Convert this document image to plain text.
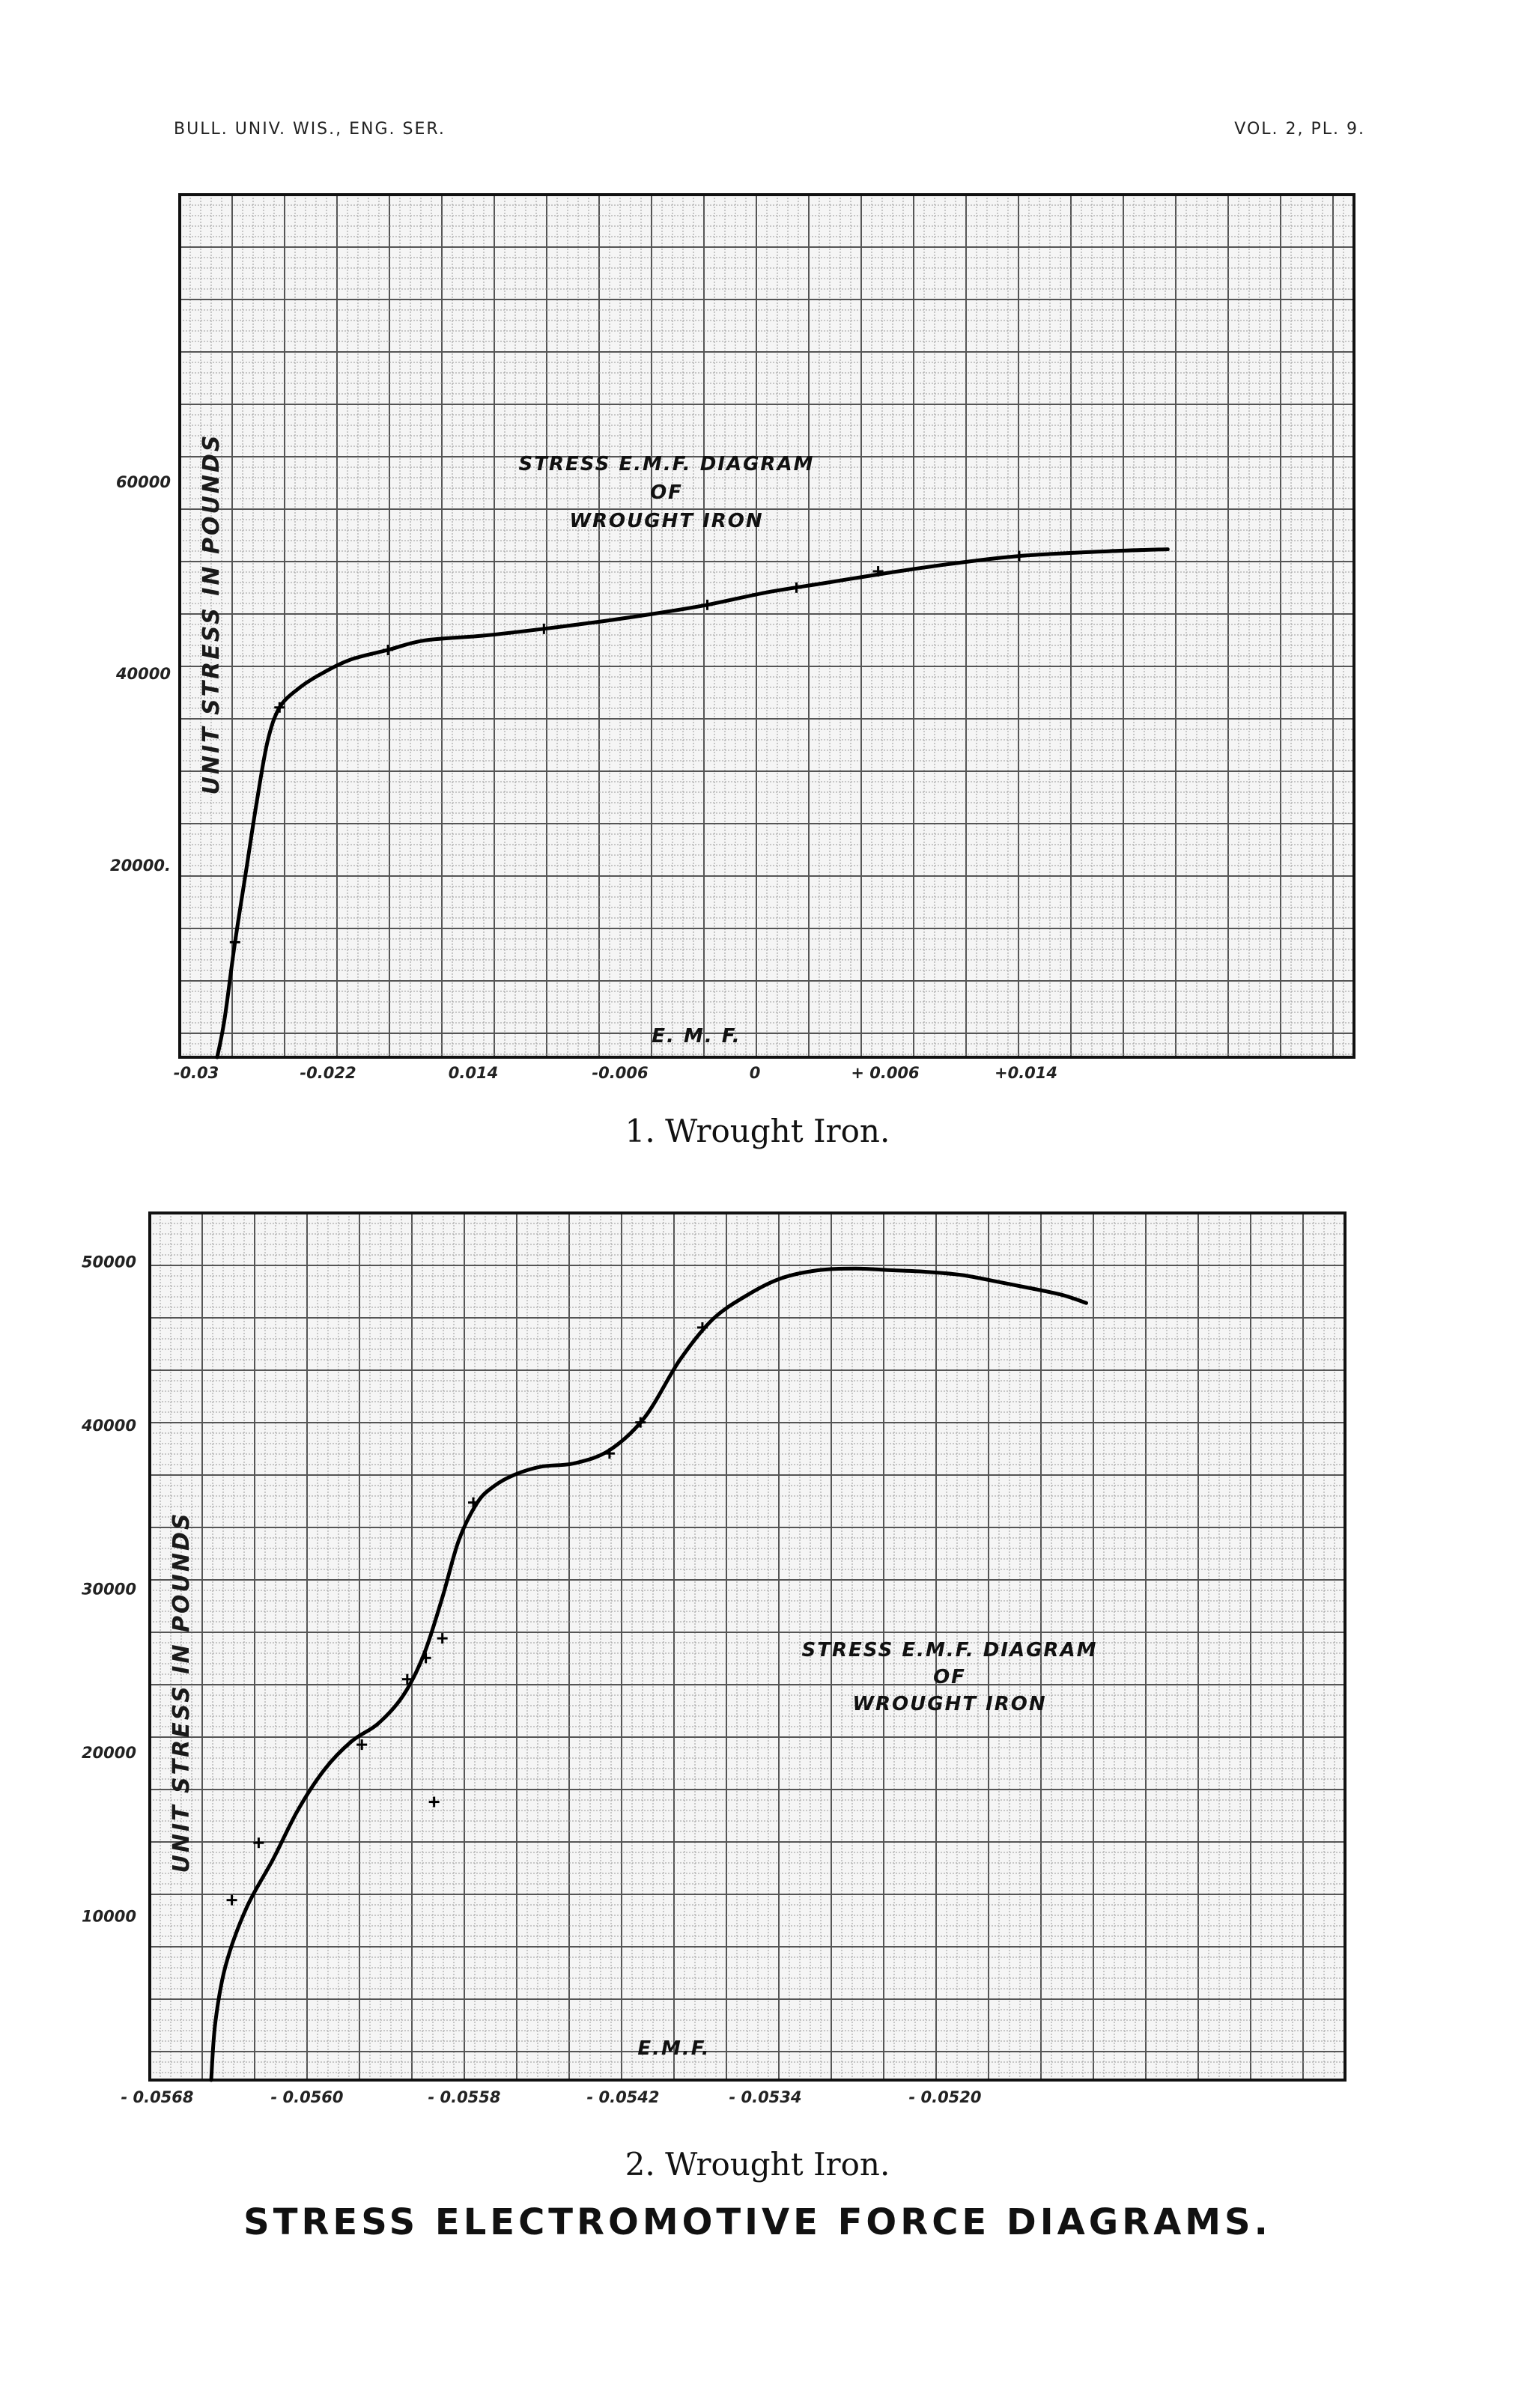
BULL. UNIV. WIS., ENG. SER.	VOL. 2, PL. 9.
STRESS E.M.F. DIAGRAM
OF
WROUGHT IRON
UNIT STRESS IN POUNDS
E. M. F.
20000.
40000
60000
-0.03	-0.022	0.014	-0.006	0	+ 0.006	+0.014
1. Wrought Iron.
STRESS E.M.F. DIAGRAM
OF
WROUGHT IRON
UNIT STRESS IN POUNDS
E.M.F.
10000
20000
30000
40000
50000
- 0.0568	- 0.0560	- 0.0558	- 0.0542	- 0.0534	- 0.0520
2. Wrought Iron.
STRESS ELECTROMOTIVE FORCE DIAGRAMS.
